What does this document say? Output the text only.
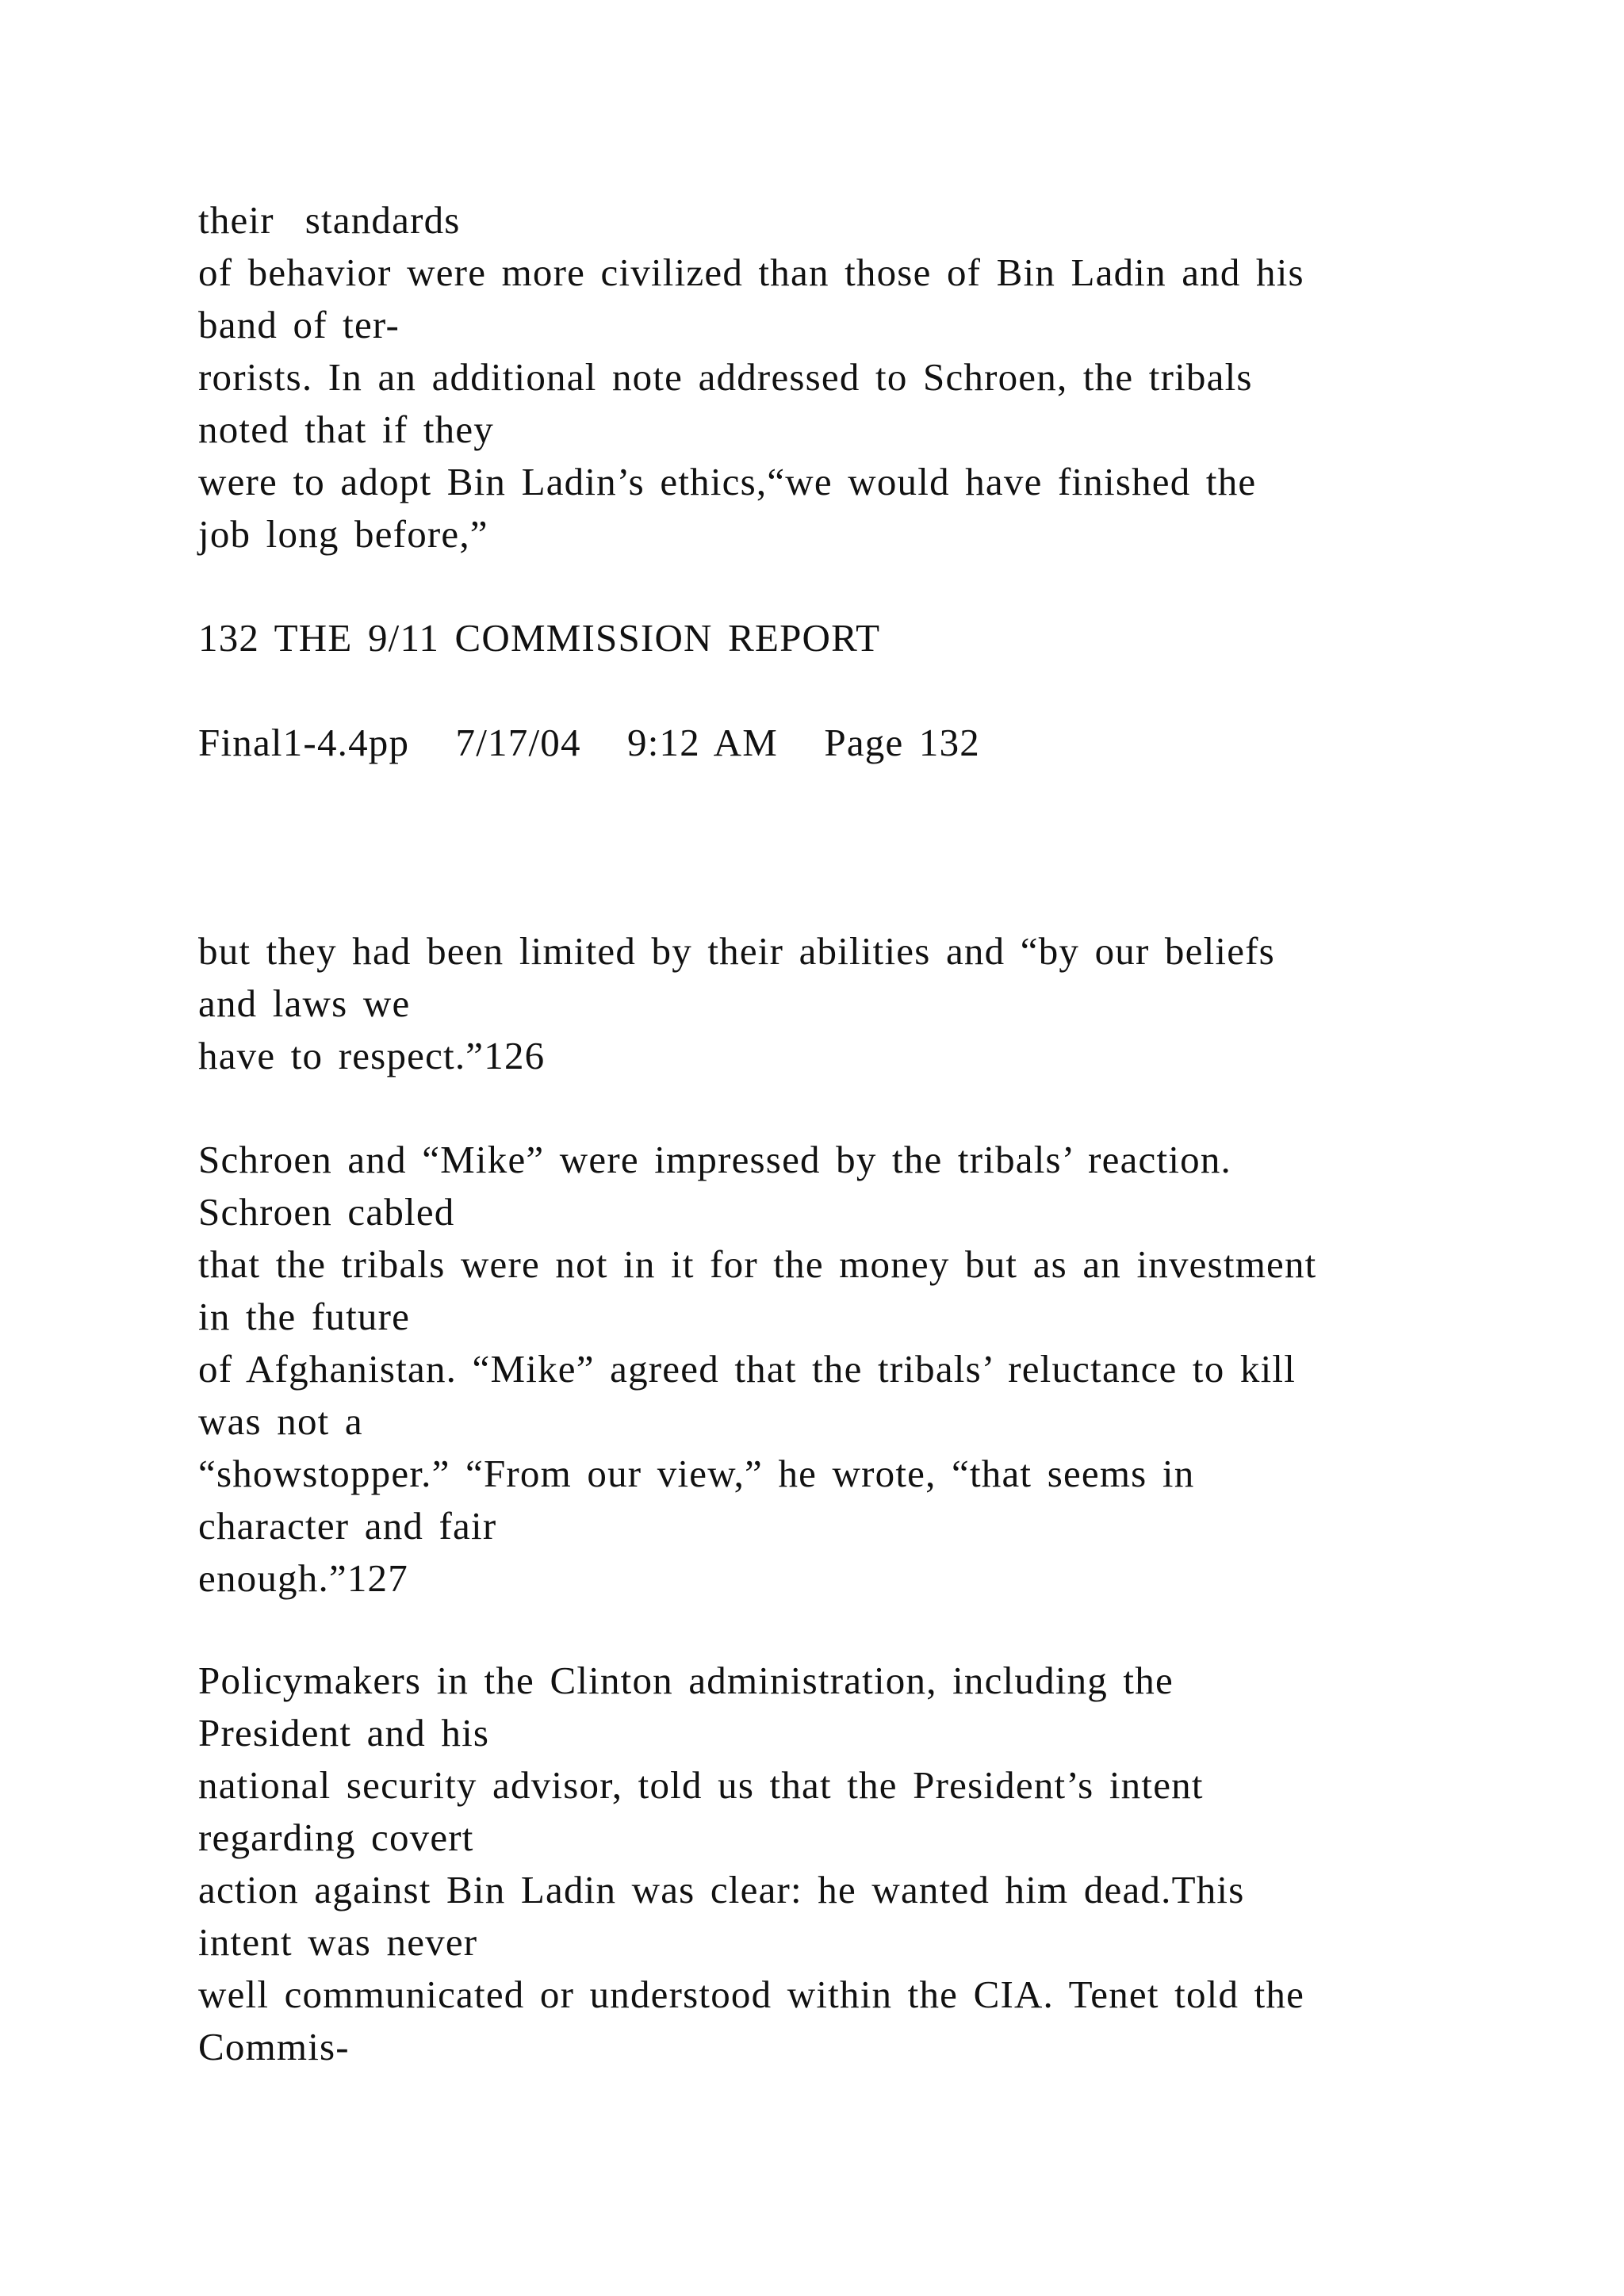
their  standards
of behavior were more civilized than those of Bin Ladin and his
band of ter-
rorists. In an additional note addressed to Schroen, the tribals
noted that if they
were to adopt Bin Ladin’s ethics,“we would have finished the
job long before,”
132 THE 9/11 COMMISSION REPORT
Final1-4.4pp   7/17/04   9:12 AM   Page 132
but they had been limited by their abilities and “by our beliefs
and laws we
have to respect.”126
Schroen and “Mike” were impressed by the tribals’ reaction.
Schroen cabled
that the tribals were not in it for the money but as an investment
in the future
of Afghanistan. “Mike” agreed that the tribals’ reluctance to kill
was not a
“showstopper.” “From our view,” he wrote, “that seems in
character and fair
enough.”127
Policymakers in the Clinton administration, including the
President and his
national security advisor, told us that the President’s intent
regarding covert
action against Bin Ladin was clear: he wanted him dead.This
intent was never
well communicated or understood within the CIA. Tenet told the
Commis-
